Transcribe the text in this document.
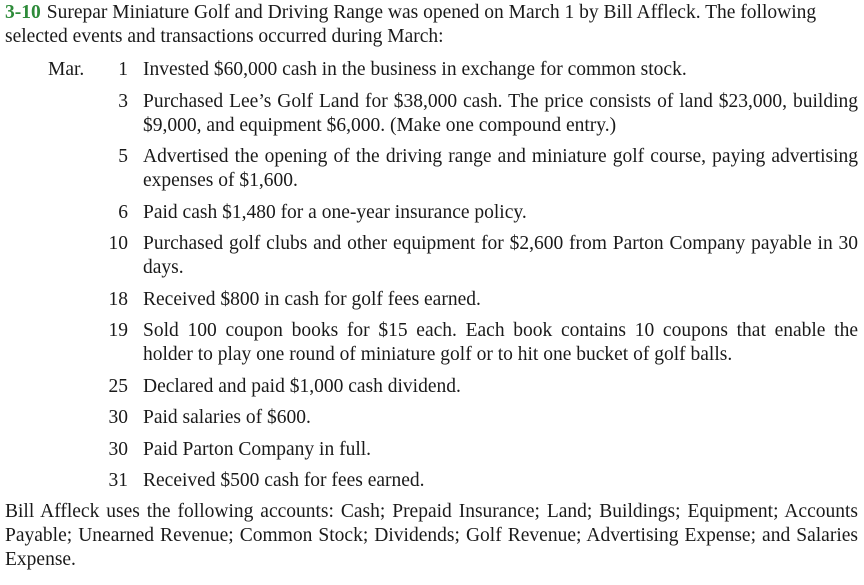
3-10 Surepar Miniature Golf and Driving Range was opened on March 1 by Bill Affleck. The following selected events and transactions occurred during March:

Mar.	1 Invested $60,000 cash in the business in exchange for common stock.
3 Purchased Lee’s Golf Land for $38,000 cash. The price consists of land $23,000, building $9,000, and equipment $6,000. (Make one compound entry.)
5 Advertised the opening of the driving range and miniature golf course, paying advertising expenses of $1,600.
6 Paid cash $1,480 for a one-year insurance policy.
10 Purchased golf clubs and other equipment for $2,600 from Parton Company payable in 30 days.
18 Received $800 in cash for golf fees earned.
19 Sold 100 coupon books for $15 each. Each book contains 10 coupons that enable the holder to play one round of miniature golf or to hit one bucket of golf balls.
25 Declared and paid $1,000 cash dividend.
30 Paid salaries of $600.
30 Paid Parton Company in full.
31 Received $500 cash for fees earned.

Bill Affleck uses the following accounts: Cash; Prepaid Insurance; Land; Buildings; Equipment; Accounts Payable; Unearned Revenue; Common Stock; Dividends; Golf Revenue; Advertising Expense; and Salaries Expense.
